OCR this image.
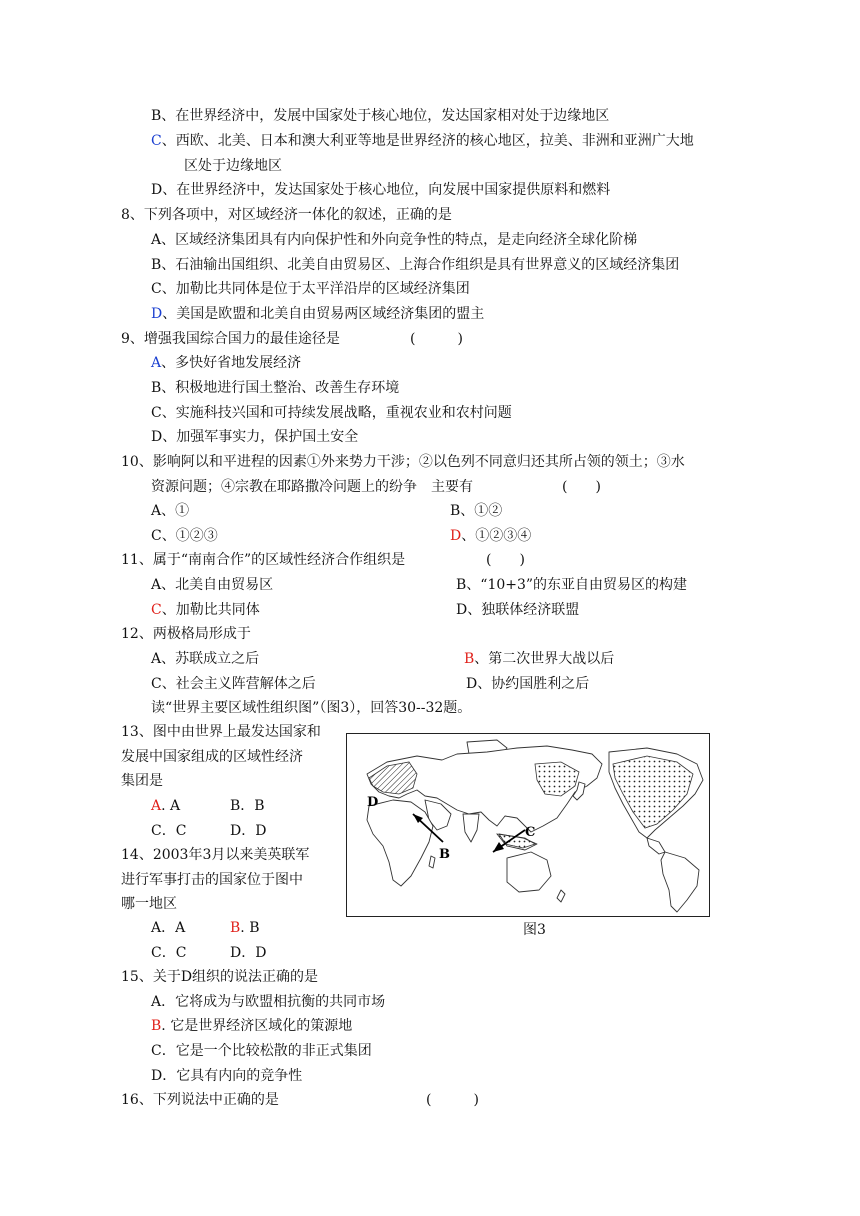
B、在世界经济中，发展中国家处于核心地位，发达国家相对处于边缘地区
C、西欧、北美、日本和澳大利亚等地是世界经济的核心地区，拉美、非洲和亚洲广大地
区处于边缘地区
D、在世界经济中，发达国家处于核心地位，向发展中国家提供原料和燃料
8、下列各项中，对区域经济一体化的叙述，正确的是
A、区域经济集团具有内向保护性和外向竞争性的特点，是走向经济全球化阶梯
B、石油输出国组织、北美自由贸易区、上海合作组织是具有世界意义的区域经济集团
C、加勒比共同体是位于太平洋沿岸的区域经济集团
D、美国是欧盟和北美自由贸易两区域经济集团的盟主
9、增强我国综合国力的最佳途径是	(　　　)
A、多快好省地发展经济
B、积极地进行国土整治、改善生存环境
C、实施科技兴国和可持续发展战略，重视农业和农村问题
D、加强军事实力，保护国土安全
10、影响阿以和平进程的因素①外来势力干涉；②以色列不同意归还其所占领的领土；③水
资源问题；④宗教在耶路撒冷问题上的纷争　主要有	(　　)
A、①	B、①②
C、①②③	D、①②③④
11、属于“南南合作”的区域性经济合作组织是	(　　)
A、北美自由贸易区	B、“10+3”的东亚自由贸易区的构建
C、加勒比共同体	D、独联体经济联盟
12、两极格局形成于
A、苏联成立之后	B、第二次世界大战以后
C、社会主义阵营解体之后	D、协约国胜利之后
读“世界主要区域性组织图”（图3），回答30--32题。
13、图中由世界上最发达国家和
发展中国家组成的区域性经济
集团是
A. A	B．B
C．C	D．D
14、2003年3月以来美英联军
进行军事打击的国家位于图中
哪一地区
A．A	B. B
C．C	D．D
D
B
C
图3
15、关于D组织的说法正确的是
A．它将成为与欧盟相抗衡的共同市场
B. 它是世界经济区域化的策源地
C．它是一个比较松散的非正式集团
D．它具有内向的竞争性
16、下列说法中正确的是	(　　　)
